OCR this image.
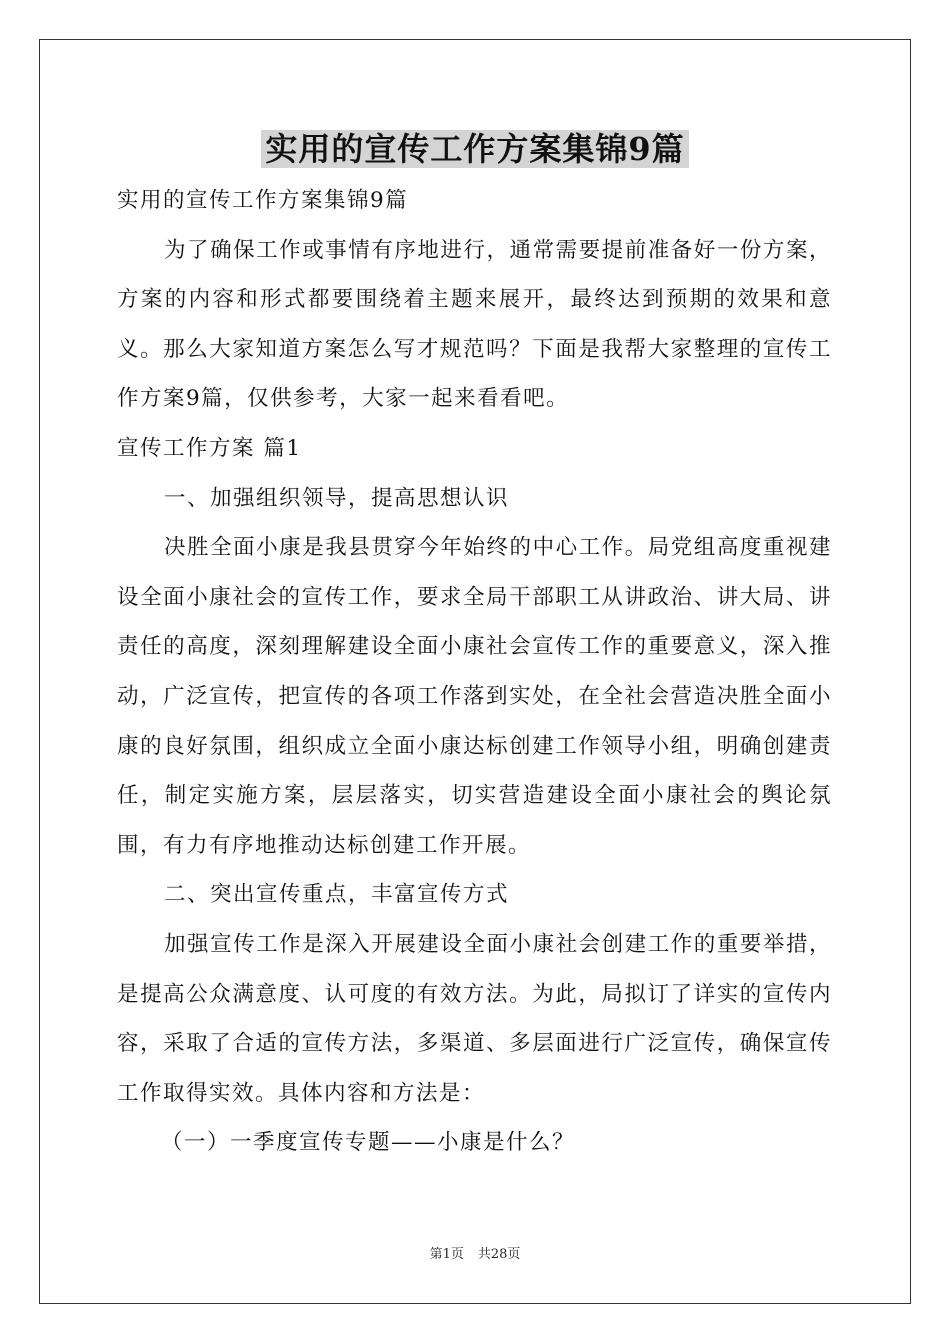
实用的宣传工作方案集锦9篇

实用的宣传工作方案集锦9篇

为了确保工作或事情有序地进行，通常需要提前准备好一份方案，方案的内容和形式都要围绕着主题来展开，最终达到预期的效果和意义。那么大家知道方案怎么写才规范吗？下面是我帮大家整理的宣传工作方案9篇，仅供参考，大家一起来看看吧。

宣传工作方案 篇1

一、加强组织领导，提高思想认识

决胜全面小康是我县贯穿今年始终的中心工作。局党组高度重视建设全面小康社会的宣传工作，要求全局干部职工从讲政治、讲大局、讲责任的高度，深刻理解建设全面小康社会宣传工作的重要意义，深入推动，广泛宣传，把宣传的各项工作落到实处，在全社会营造决胜全面小康的良好氛围，组织成立全面小康达标创建工作领导小组，明确创建责任，制定实施方案，层层落实，切实营造建设全面小康社会的舆论氛围，有力有序地推动达标创建工作开展。

二、突出宣传重点，丰富宣传方式

加强宣传工作是深入开展建设全面小康社会创建工作的重要举措，是提高公众满意度、认可度的有效方法。为此，局拟订了详实的宣传内容，采取了合适的宣传方法，多渠道、多层面进行广泛宣传，确保宣传工作取得实效。具体内容和方法是：

（一）一季度宣传专题——小康是什么？

第1页 共28页
